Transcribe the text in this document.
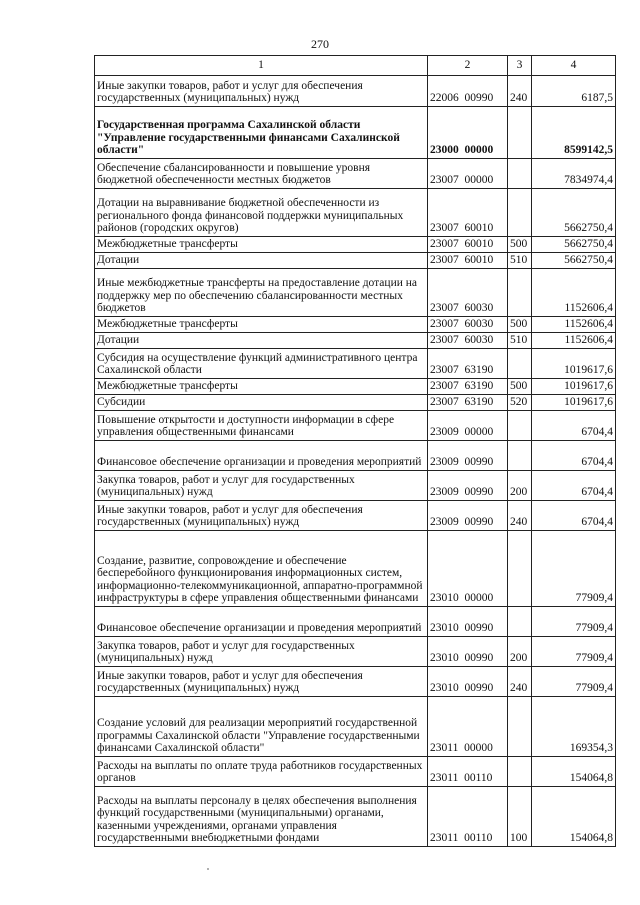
270
1	2	3	4
Иные закупки товаров, работ и услуг для обеспечения государственных (муниципальных) нужд	22006  00990	240	6187,5
Государственная программа Сахалинской области "Управление государственными финансами Сахалинской области"	23000  00000		8599142,5
Обеспечение сбалансированности и повышение уровня бюджетной обеспеченности местных бюджетов	23007  00000		7834974,4
Дотации на выравнивание бюджетной обеспеченности из регионального фонда финансовой поддержки муниципальных районов (городских округов)	23007  60010		5662750,4
Межбюджетные трансферты	23007  60010	500	5662750,4
Дотации	23007  60010	510	5662750,4
Иные межбюджетные трансферты на предоставление дотации на поддержку мер по обеспечению сбалансированности местных бюджетов	23007  60030		1152606,4
Межбюджетные трансферты	23007  60030	500	1152606,4
Дотации	23007  60030	510	1152606,4
Субсидия на осуществление функций административного центра Сахалинской области	23007  63190		1019617,6
Межбюджетные трансферты	23007  63190	500	1019617,6
Субсидии	23007  63190	520	1019617,6
Повышение открытости и доступности информации в сфере управления общественными финансами	23009  00000		6704,4
Финансовое обеспечение организации и проведения мероприятий	23009  00990		6704,4
Закупка товаров, работ и услуг для государственных (муниципальных) нужд	23009  00990	200	6704,4
Иные закупки товаров, работ и услуг для обеспечения государственных (муниципальных) нужд	23009  00990	240	6704,4
Создание, развитие, сопровождение и обеспечение бесперебойного функционирования информационных систем, информационно-телекоммуникационной, аппаратно-программной инфраструктуры в сфере управления общественными финансами	23010  00000		77909,4
Финансовое обеспечение организации и проведения мероприятий	23010  00990		77909,4
Закупка товаров, работ и услуг для государственных (муниципальных) нужд	23010  00990	200	77909,4
Иные закупки товаров, работ и услуг для обеспечения государственных (муниципальных) нужд	23010  00990	240	77909,4
Создание условий для реализации мероприятий государственной программы Сахалинской области "Управление государственными финансами Сахалинской области"	23011  00000		169354,3
Расходы на выплаты по оплате труда работников государственных органов	23011  00110		154064,8
Расходы на выплаты персоналу в целях обеспечения выполнения функций государственными (муниципальными) органами, казенными учреждениями, органами управления государственными внебюджетными фондами	23011  00110	100	154064,8
